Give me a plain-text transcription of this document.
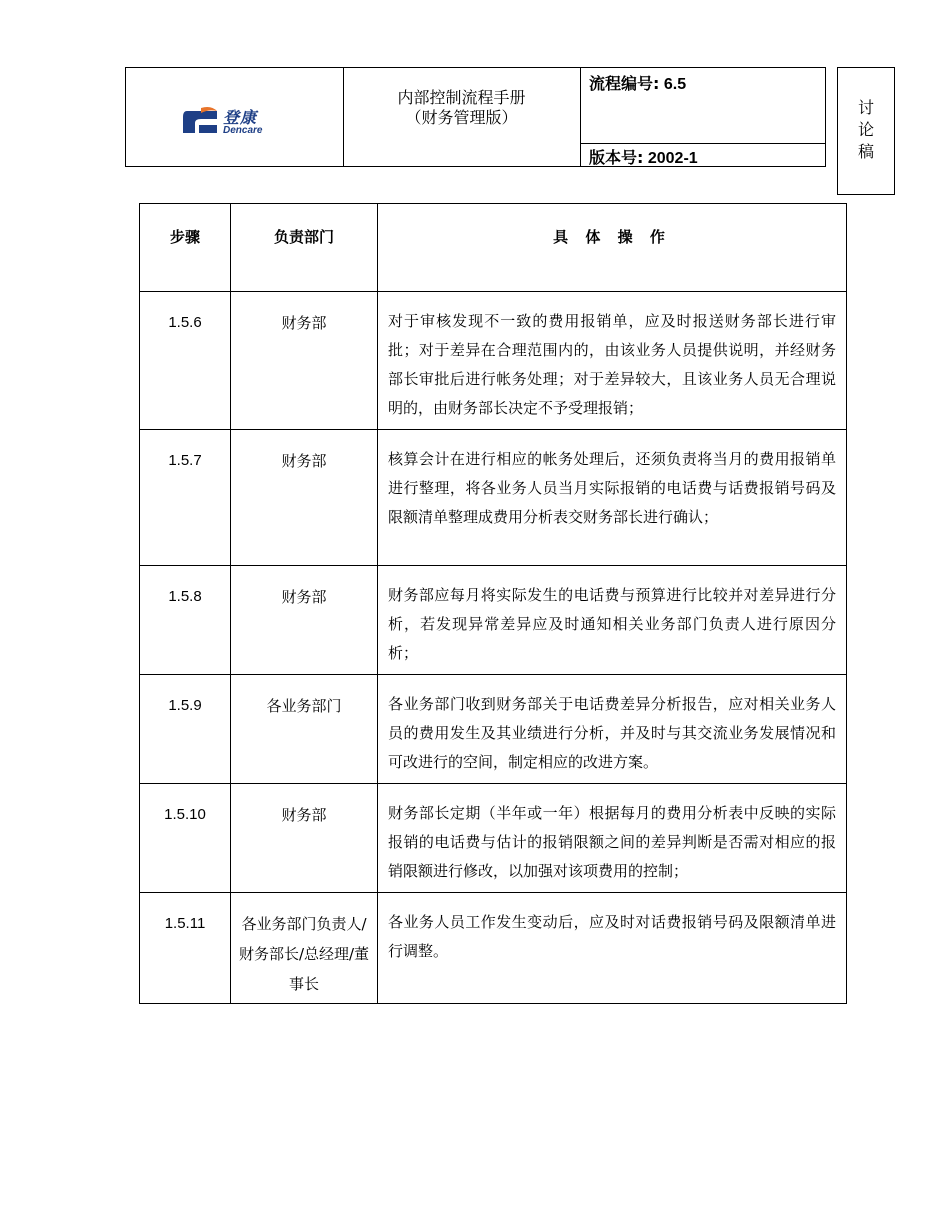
登康
Dencare
内部控制流程手册
（财务管理版）
流程编号: 6.5
版本号: 2002-1
讨
论
稿
步骤	负责部门	具 体 操 作
1.5.6	财务部	对于审核发现不一致的费用报销单，应及时报送财务部长进行审批；对于差异在合理范围内的，由该业务人员提供说明，并经财务部长审批后进行帐务处理；对于差异较大，且该业务人员无合理说明的，由财务部长决定不予受理报销；
1.5.7	财务部	核算会计在进行相应的帐务处理后，还须负责将当月的费用报销单进行整理，将各业务人员当月实际报销的电话费与话费报销号码及限额清单整理成费用分析表交财务部长进行确认；
1.5.8	财务部	财务部应每月将实际发生的电话费与预算进行比较并对差异进行分析，若发现异常差异应及时通知相关业务部门负责人进行原因分析；
1.5.9	各业务部门	各业务部门收到财务部关于电话费差异分析报告，应对相关业务人员的费用发生及其业绩进行分析，并及时与其交流业务发展情况和可改进行的空间，制定相应的改进方案。
1.5.10	财务部	财务部长定期（半年或一年）根据每月的费用分析表中反映的实际报销的电话费与估计的报销限额之间的差异判断是否需对相应的报销限额进行修改，以加强对该项费用的控制；
1.5.11	各业务部门负责人/财务部长/总经理/董事长	各业务人员工作发生变动后，应及时对话费报销号码及限额清单进行调整。
